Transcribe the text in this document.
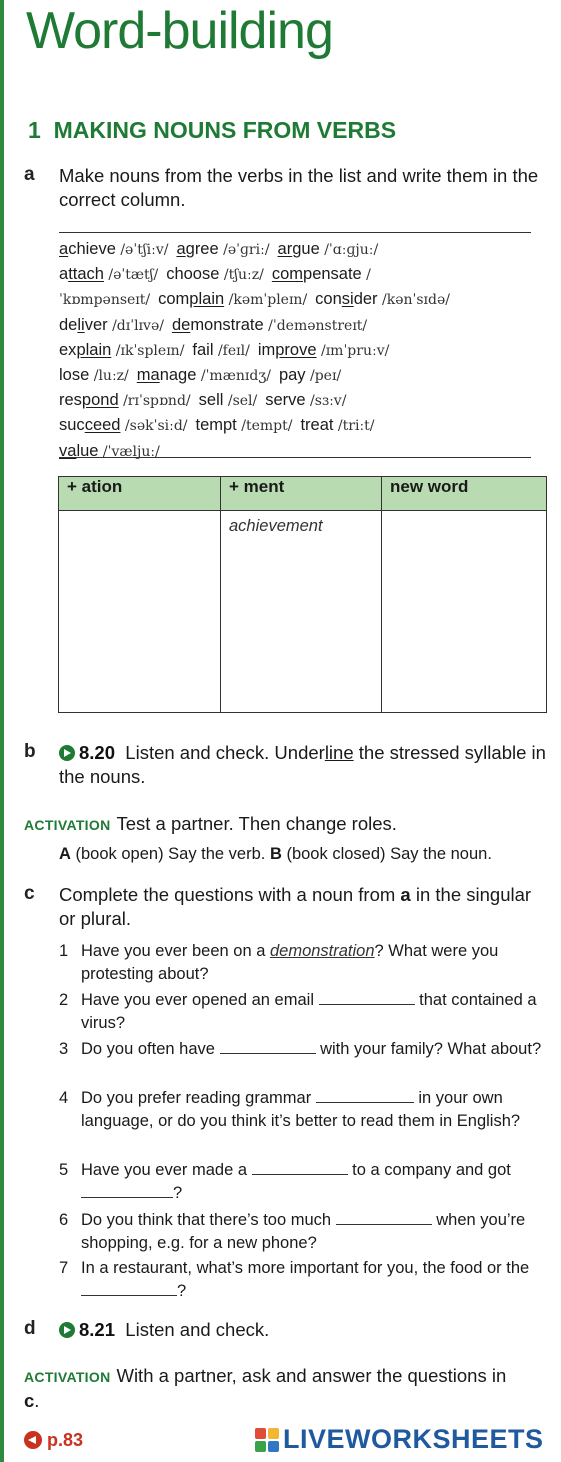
Word-building
1 MAKING NOUNS FROM VERBS
a Make nouns from the verbs in the list and write them in the correct column.

achieve /əˈtʃiːv/ agree /əˈɡriː/ argue /ˈɑːɡjuː/
attach /əˈtætʃ/ choose /tʃuːz/ compensate /
ˈkɒmpənseɪt/ complain /kəmˈpleɪn/ consider /kənˈsɪdə/
deliver /dɪˈlɪvə/ demonstrate /ˈdemənstreɪt/
explain /ɪkˈspleɪn/ fail /feɪl/ improve /ɪmˈpruːv/
lose /luːz/ manage /ˈmænɪdʒ/ pay /peɪ/
respond /rɪˈspɒnd/ sell /sel/ serve /sɜːv/
succeed /səkˈsiːd/ tempt /tempt/ treat /triːt/
value /ˈvæljuː/
+ ation	+ ment	new word
	achievement	
b	8.20 Listen and check. Underline the stressed syllable in the nouns.

ACTIVATION Test a partner. Then change roles.
A (book open) Say the verb. B (book closed) Say the noun.
c Complete the questions with a noun from a in the singular or plural.

1 Have you ever been on a demonstration? What were you protesting about?
2 Have you ever opened an email	that contained a virus?
3 Do you often have	with your family? What about?
4 Do you prefer reading grammar	in your own language, or do you think it’s better to read them in English?
5 Have you ever made a	to a company and got ?
6 Do you think that there’s too much	when you’re shopping, e.g. for a new phone?
7 In a restaurant, what’s more important for you, the food or the ?
d	8.21 Listen and check.

ACTIVATION With a partner, ask and answer the questions in c.
p.83	LIVEWORKSHEETS
